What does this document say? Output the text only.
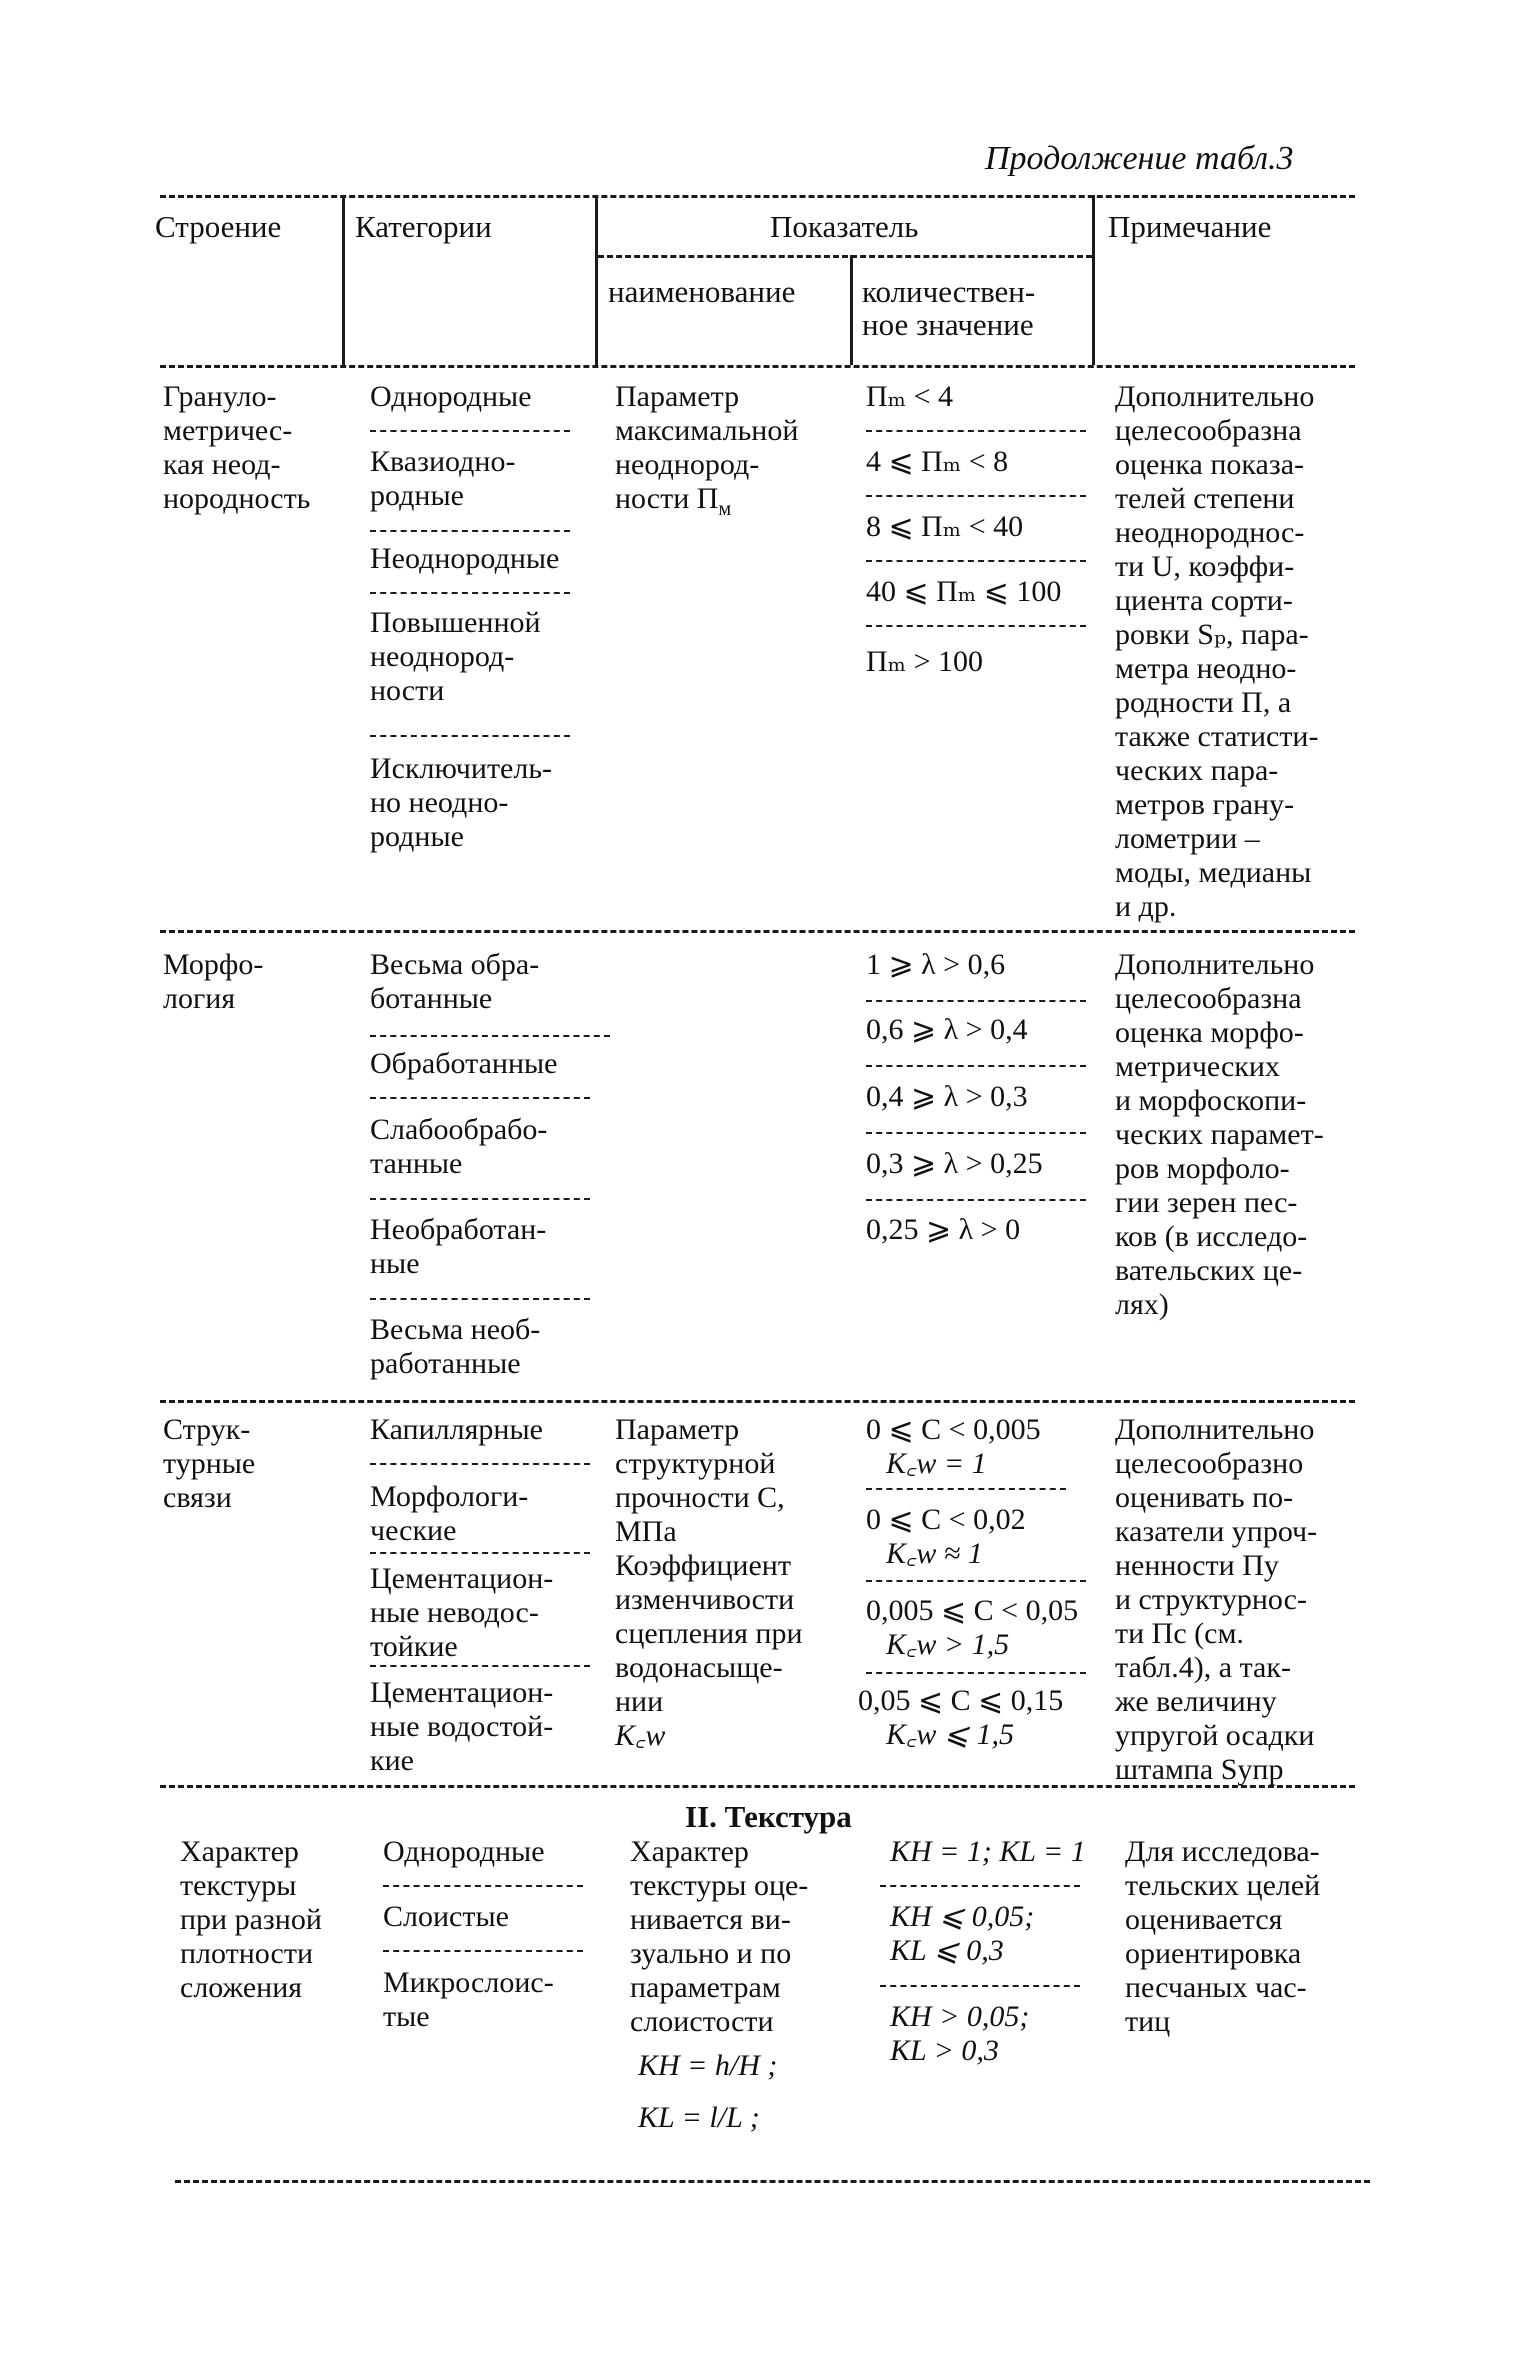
Продолжение табл.3
Строение Категории	Показатель	Примечание
наименование количествен-
ное значение
Грануло-
метричес-
кая неод-
нородность
Однородные
Квазиодно-
родные
Неоднородные
Повышенной
неоднород-
ности
Исключитель-
но неодно-
родные
Параметр
максимальной
неоднород-
ности $П_м$
Пₘ < 4
4 ⩽ Пₘ < 8
8 ⩽ Пₘ < 40
40 ⩽ Пₘ ⩽ 100
Пₘ > 100
Дополнительно
целесообразна
оценка показа-
телей степени
неоднороднос-
ти U, коэффи-
циента сорти-
ровки Sₚ, пара-
метра неодно-
родности П, а
также статисти-
ческих пара-
метров грану-
лометрии –
моды, медианы
и др.
Морфо-
логия
Весьма обра-
ботанные
Обработанные
Слабообрабо-
танные
Необработан-
ные
Весьма необ-
работанные
1 ⩾ λ > 0,6
0,6 ⩾ λ > 0,4
0,4 ⩾ λ > 0,3
0,3 ⩾ λ > 0,25
0,25 ⩾ λ > 0
Дополнительно
целесообразна
оценка морфо-
метрических
и морфоскопи-
ческих парамет-
ров морфоло-
гии зерен пес-
ков (в исследо-
вательских це-
лях)
Струк-
турные
связи
Капиллярные
Морфологи-
ческие
Цементацион-
ные неводос-
тойкие
Цементацион-
ные водостой-
кие
Параметр
структурной
прочности С,
МПа
Коэффициент
изменчивости
сцепления при
водонасыще-
нии
K꜀w
0 ⩽ C < 0,005
K꜀w = 1
0 ⩽ C < 0,02
K꜀w ≈ 1
0,005 ⩽ C < 0,05
K꜀w > 1,5
0,05 ⩽ C ⩽ 0,15
K꜀w ⩽ 1,5
Дополнительно
целесообразно
оценивать по-
казатели упроч-
ненности Пу
и структурнос-
ти Пс (см.
табл.4), а так-
же величину
упругой осадки
штампа Sупр
II. Текстура
Характер
текстуры
при разной
плотности
сложения
Однородные
Слоистые
Микрослоис-
тые
Характер
текстуры оце-
нивается ви-
зуально и по
параметрам
слоистости
KH = h/H ;
KL = l/L ;
KH = 1; KL = 1
KH ⩽ 0,05;
KL ⩽ 0,3
KH > 0,05;
KL > 0,3
Для исследова-
тельских целей
оценивается
ориентировка
песчаных час-
тиц
